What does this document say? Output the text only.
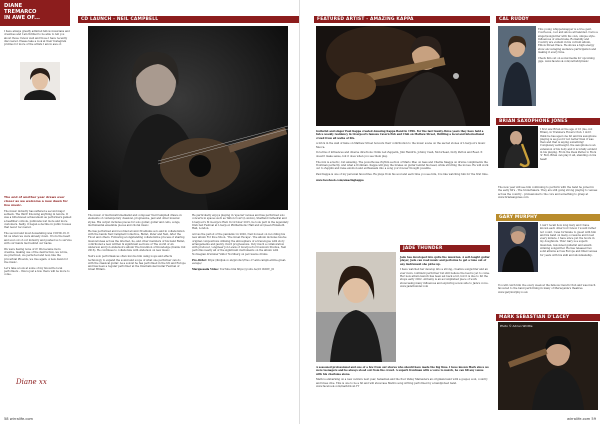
DIANE
TREMARCO
IN AWE OF...
I have always greatly admired fellow musicians and creatives and I am thrilled to be able to tell you about those I know well and those I have recently discovered. Please take a look at their Instagram profiles for more of the artists I am in awe of.

The end of another year draws ever closer as we welcome a new dawn for live music.

The music industry has suffered a second major setback. The third! Knowing anything in tenure. It was a bittersweet achievement as performers gained a healthier outlook, publicans lost more and more customers. Sadly, it began a decline in public houses that never recovered.

The second and most devastating was COVID-19. It hit us when we were already down. It tore the heart and soul out of our industry and pushed us to survive with our hands tied behind our backs.

We were having none of it! We became more creative, making use of the destruction, we wrote, we practiced, we perfected and now, like the proverbial Phoenix, we rise again. A new dawn for live music.

Let's take a look at some of my favourite local performers – this is just a few. there will be more to come.

Diane xx
CD LAUNCH - NEIL CAMPBELL

The music of multi-instrumentalist and composer Neil Campbell draws on elements of contemporary classical, progressive, jazz and other musical styles. His output includes pieces for solo guitar, guitar and cello, songs, instrumental ensemble pieces and choral music.

He has performed and recorded around 30 albums solo and in collaboration with the bands Neil Campbell Collective, Bullet, Peter and Neil, After the Flood and others. Following a longstanding collaborative process of sharing musical ideas across the internet, he, and other members of his band Bullet, contributed a new written & significant sections of The world of An Anderson and Jon Anderson's album The Invention of Knowledge (Inside Out 2016). He continues to collaborate with Anderson on new music.

Neil's solo performances often involve him using loops and effects technology to expand the sound and scope of what one performer can do with the classical guitar. As a soloist he has performed in the UK and Europe and has been a regular performer at the International Guitar Festival of Great Britain.

He particularly enjoys playing in 'special' venues and has performed solo concerts in spaces such as Tatton Court (London), Sheffield Cathedral and Liverpool's St George's Hall. In October 2015, he took part in the legendary Irish fest Festival at Liverpool Philharmonic Hall and at Queen Elizabeth Hall, London.

Across the period of the pandemic in 2020, Neil focused on recording his new album For Kloe Moon. 'The Great Escape'. The album includes twelve original compositions utilising the atmosphere of a travelogue with story arrangements and jaunty chord progressions. Very much a collaboration with producer / engineer Jon Lewis of Liverpool's Crosstown Studios, Neil performs nearly all of the significant instruments on the album with Norwegian drummer Viktor Nordberg on percussive drums.

Pre-Order: https://linqtsk.co.uk/product/Neo-17-anti-campb-ell-the-great-escape/

Marquesada Video: YouTube link https://youtu.be/U11KDIV_jt1

58 wirralife.com
FEATURED ARTIST - AMAZING KAPPA

Guitarist and singer Paul Kappa created Amazing Kappa Band in 1996. For the last twenty-three years they have held a twice weekly residency in Liverpool's famous Cavern Pub and Club on Mathew Street, thrilling a local and international crowd from all walks of life.

A brick in the wall of fame on Mathew Street honours their contribution to the music scene on the sacred stones of Liverpool's music Mecca.

In terms of influences and diverse directions: think Led Zeppelin, Jimi Hendrix, Johnny Cash, Motorhead, Dolly Parton and Reed. It doesn't make sense, but it does when you see them play.

The mix is eclectic, but amazing. The powerhouse rhythm section of Mario Mao on bass and Charlie Skaggs on drums compliments the frontman perfectly. And what a frontman. Kappa will play the brakes on guitar behind his head, while strutting the moves. He will work out to Zepplin and raise emotion and enthusiasm into a song you'd never thought possible.

Paul Kappa is one of my personal favourites. He plays from his soul and each time you see him, it is like watching him for the first time.

www.facebook.com/amazingkappa

JADE THUNDER

Jade has developed into quite the musician. A self-taught guitar player, Jade can read music and performs to get a tune out of any instrument she picks up.

I have watched her develop into a strong, creative songwriter and an ever more confident performer but still believe the best is yet to come. Her new album launch has been set back a bit, but it is due to hit the shops early 2022. Alchemy is an accomplished piece of work showcasing many influences and exploring a new side to Jade's voice. www.jadethunder.com

A seasoned professional and one of a few from our shores who should have made the big time. I have known Mark since we were teenagers and he always stood out from the crowd. A superb frontman with a voice to match, he can fill any venue with his charisma alone.

Mark is embarking on a new venture next year, Sebastian and the Pool Valley Marauders an originals band with a gospel, soul, country and blues vibe. This is one to be a hit and will showcase Mark's song writing performed by a handpicked band. www.facebook.com/markLSoul.YT

CAL RUDDY

This young whippersnapper is a true gent. Courteous, cool and above all talented. Cal is a singer/songwriter with his own, unique style. Influences of Americana, Rockabilly and Country are evident in his current album, Elbow Street Place. He shows a high energy show encouraging audience participation and making it every time.

Check him out on social media for upcoming gigs. www.facebook.com/calruddymusic

BRIAN SAXOPHONE JONES

I first saw Brian at the age of 16 (me, not Brian), in Tranmere Rovers Club. I don't think he has aged one bit and his saxophone playing is as good if not better than it was then and that is saying something! Completely self-taught, the saxophone is an extension of his body and it is totally evident in his playing. From the Peek Parlez to Rock 'n' Roll, Brian can play it all, standing on his head!

The new year will see him continuing to perform with the band he joined in the early 60's - The Undertakers. They are still going strong playing to venues across the country - professional to the core and something to grasp at www.briansaxjones.com

GARY MURPHY

I can't recall how long Gary and I have known each other but I know I would rather not count. I was fortunate to guest with him and his band on many occasions and loved every minute. I have since put the hours in my doughnuts. This! Gary is a superb musician, renowned guitarist and award-winning songwriter. He has released two solid albums across Europe and filled venues for years with his skill and showmanship.

You will catch him live every week at the famous Cavern Club and was much favoured to the band performing in many of Merseyside's theatres. www.garymurphy.co.uk

MARK SEBASTIAN D'LACEY
Photo © Adrian Whittle
wirralife.com 59
